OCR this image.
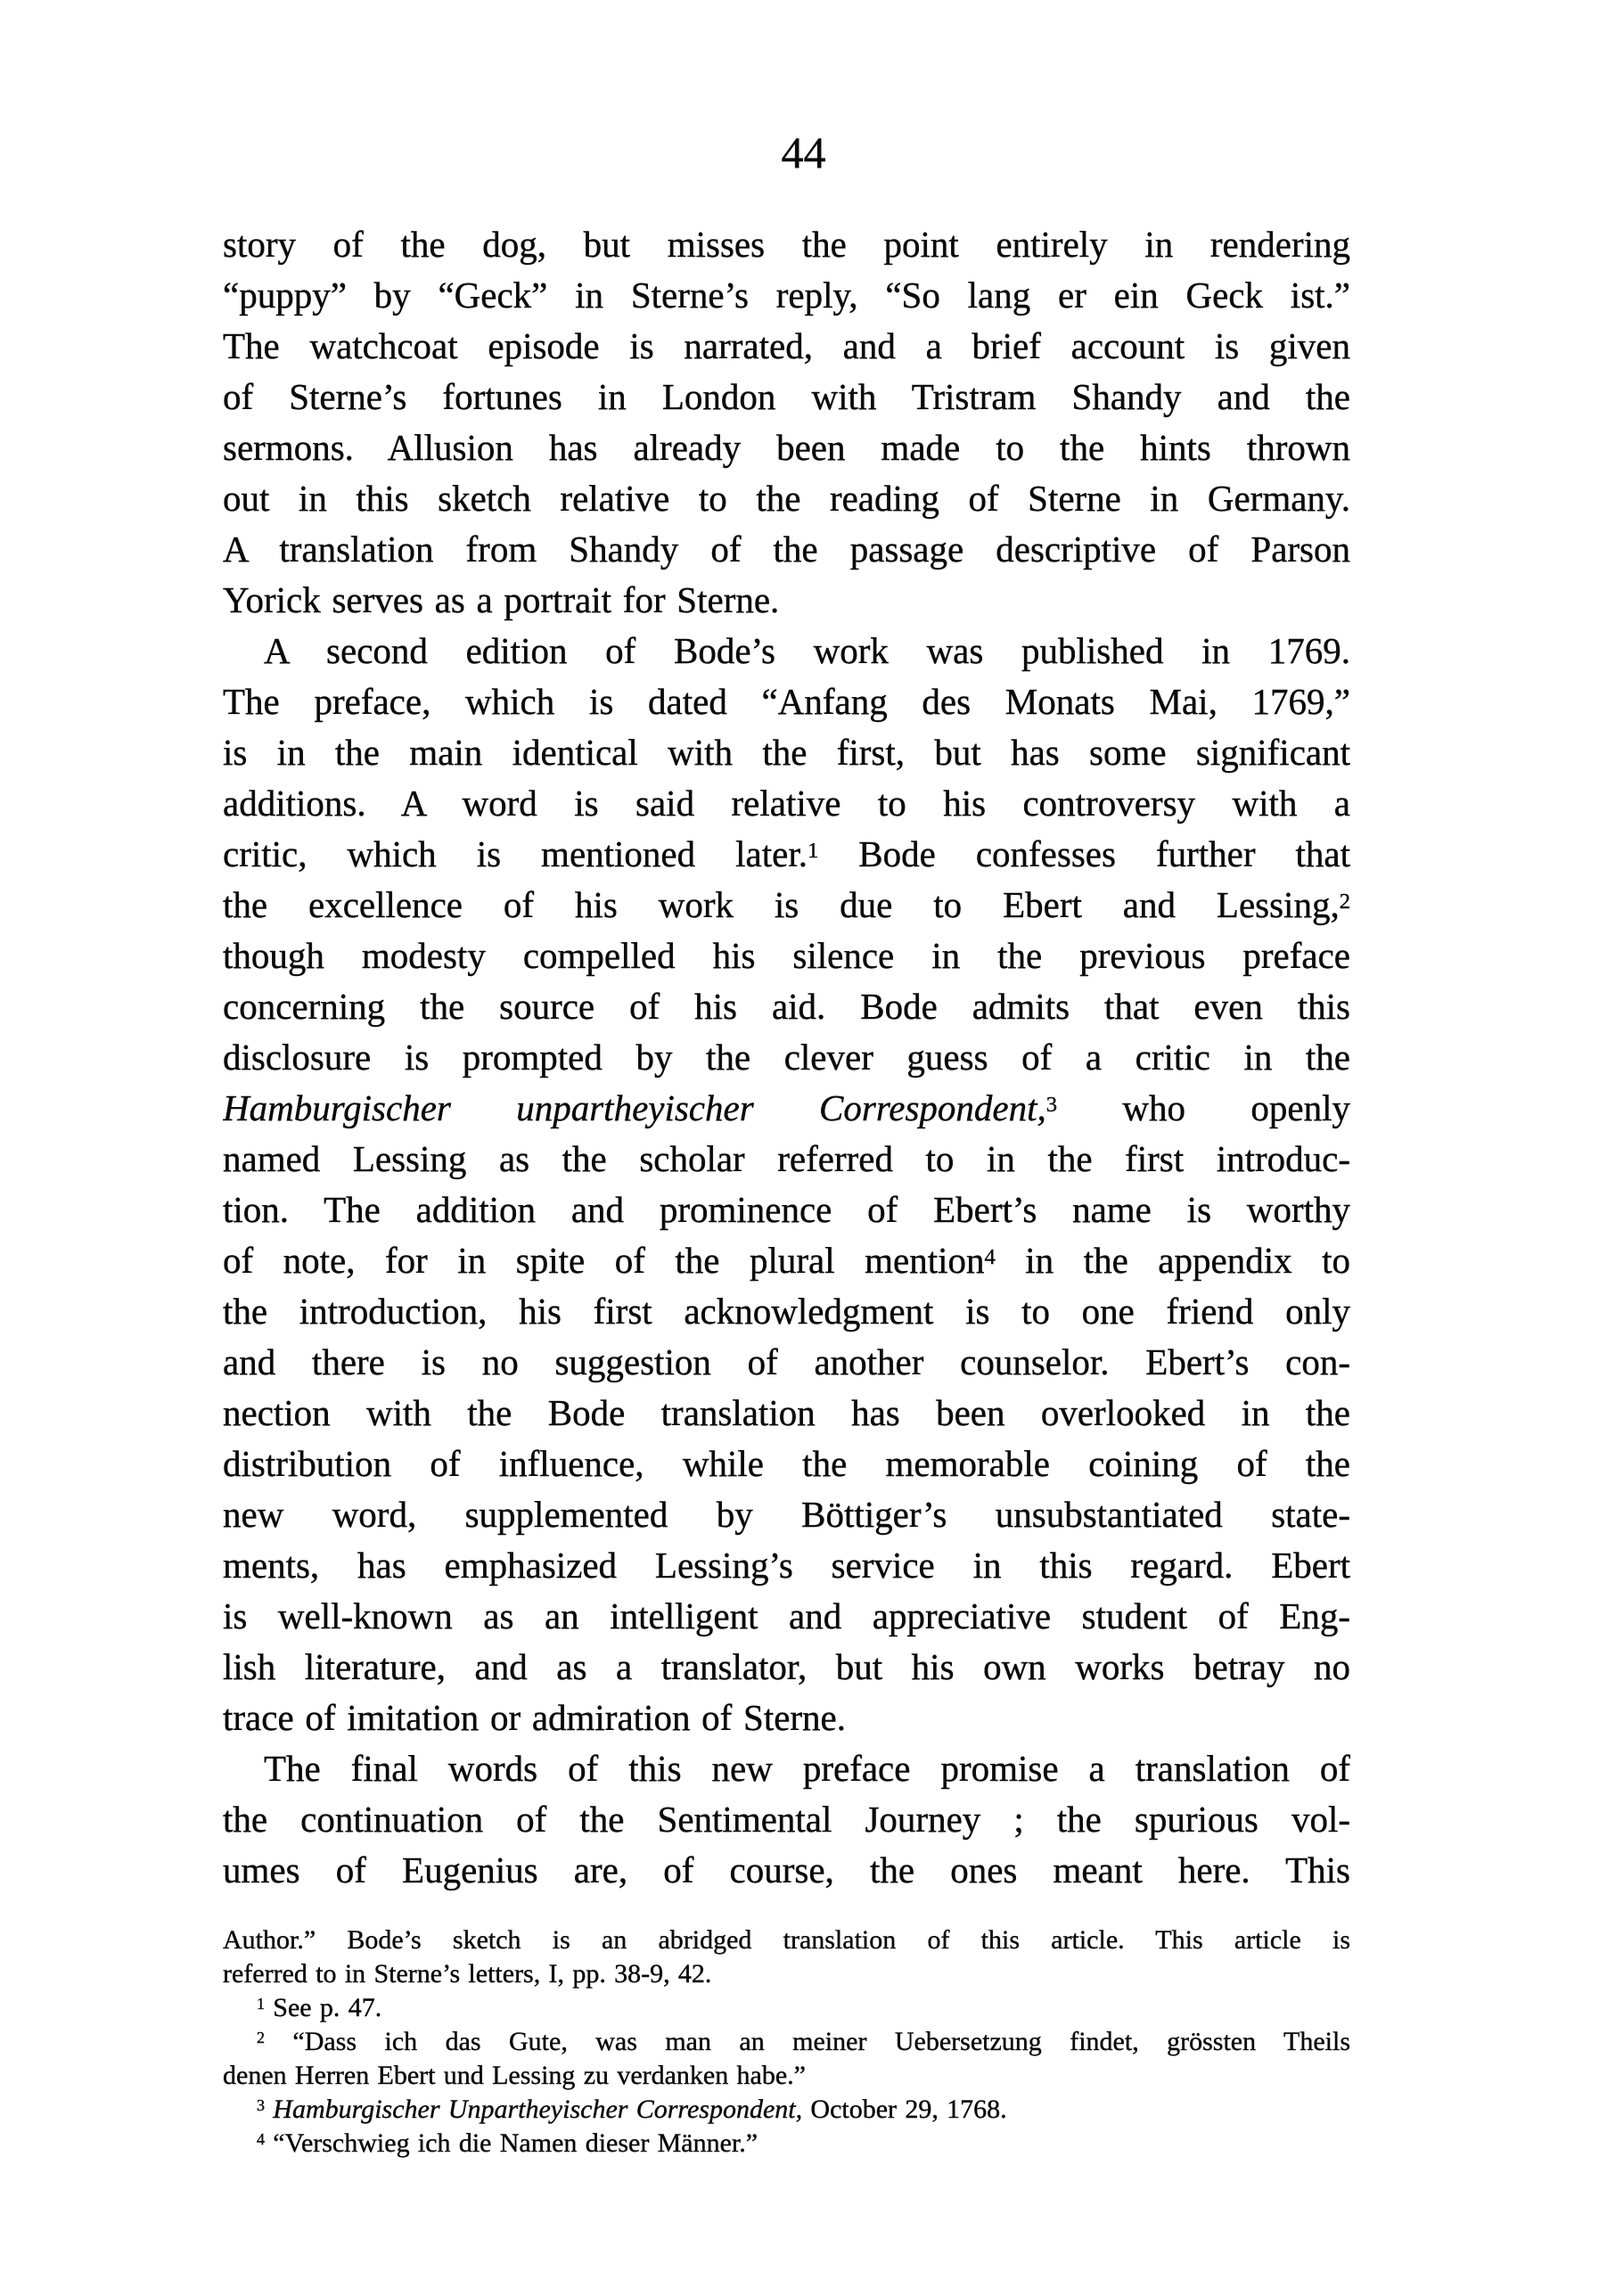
44
story of the dog, but misses the point entirely in rendering
“puppy” by “Geck” in Sterne’s reply, “So lang er ein Geck ist.”
The watchcoat episode is narrated, and a brief account is given
of Sterne’s fortunes in London with Tristram Shandy and the
sermons. Allusion has already been made to the hints thrown
out in this sketch relative to the reading of Sterne in Germany.
A translation from Shandy of the passage descriptive of Parson
Yorick serves as a portrait for Sterne.
A second edition of Bode’s work was published in 1769.
The preface, which is dated “Anfang des Monats Mai, 1769,”
is in the main identical with the first, but has some significant
additions. A word is said relative to his controversy with a
critic, which is mentioned later.$^1$ Bode confesses further that
the excellence of his work is due to Ebert and Lessing,$^2$
though modesty compelled his silence in the previous preface
concerning the source of his aid. Bode admits that even this
disclosure is prompted by the clever guess of a critic in the
Hamburgischer unpartheyischer Correspondent,$^3$ who openly
named Lessing as the scholar referred to in the first introduc-
tion. The addition and prominence of Ebert’s name is worthy
of note, for in spite of the plural mention$^4$ in the appendix to
the introduction, his first acknowledgment is to one friend only
and there is no suggestion of another counselor. Ebert’s con-
nection with the Bode translation has been overlooked in the
distribution of influence, while the memorable coining of the
new word, supplemented by Böttiger’s unsubstantiated state-
ments, has emphasized Lessing’s service in this regard. Ebert
is well-known as an intelligent and appreciative student of Eng-
lish literature, and as a translator, but his own works betray no
trace of imitation or admiration of Sterne.
The final words of this new preface promise a translation of
the continuation of the Sentimental Journey ; the spurious vol-
umes of Eugenius are, of course, the ones meant here. This
Author.” Bode’s sketch is an abridged translation of this article. This article is
referred to in Sterne’s letters, I, pp. 38-9, 42.
$^1$ See p. 47.
$^2$ “Dass ich das Gute, was man an meiner Uebersetzung findet, grössten Theils
denen Herren Ebert und Lessing zu verdanken habe.”
$^3$ Hamburgischer Unpartheyischer Correspondent, October 29, 1768.
$^4$ “Verschwieg ich die Namen dieser Männer.”
